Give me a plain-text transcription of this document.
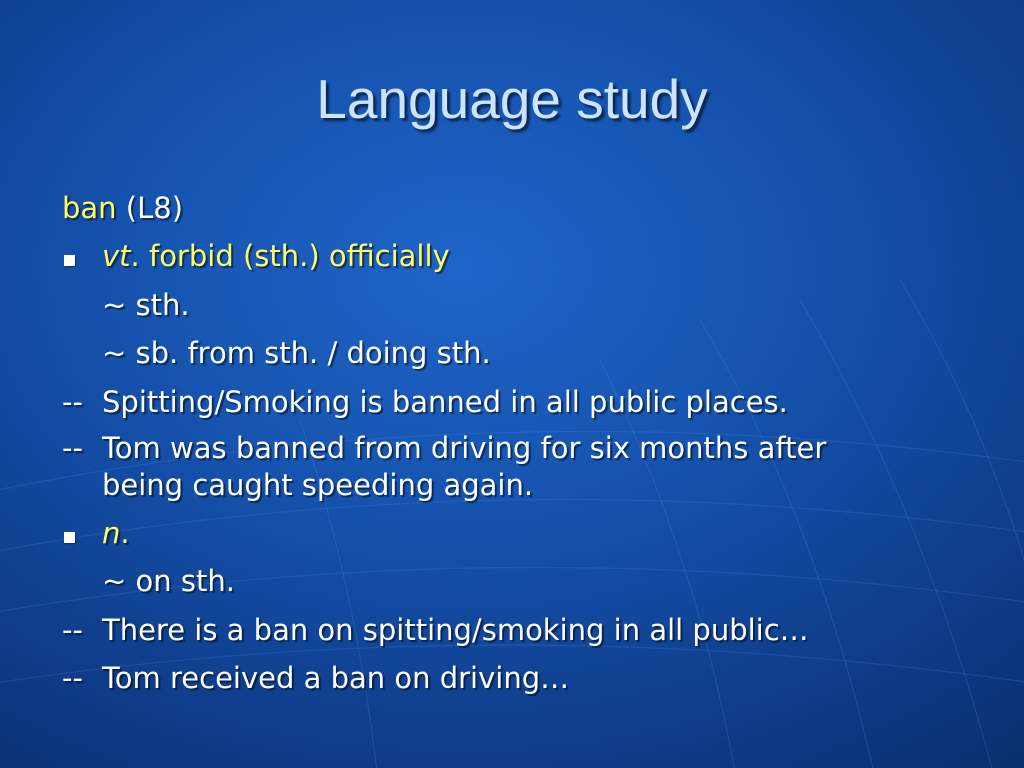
Language study
ban (L8)
vt. forbid (sth.) officially
~ sth.
~ sb. from sth. / doing sth.
-- Spitting/Smoking is banned in all public places.
-- Tom was banned from driving for six months after being caught speeding again.
n.
~ on sth.
-- There is a ban on spitting/smoking in all public…
-- Tom received a ban on driving…
